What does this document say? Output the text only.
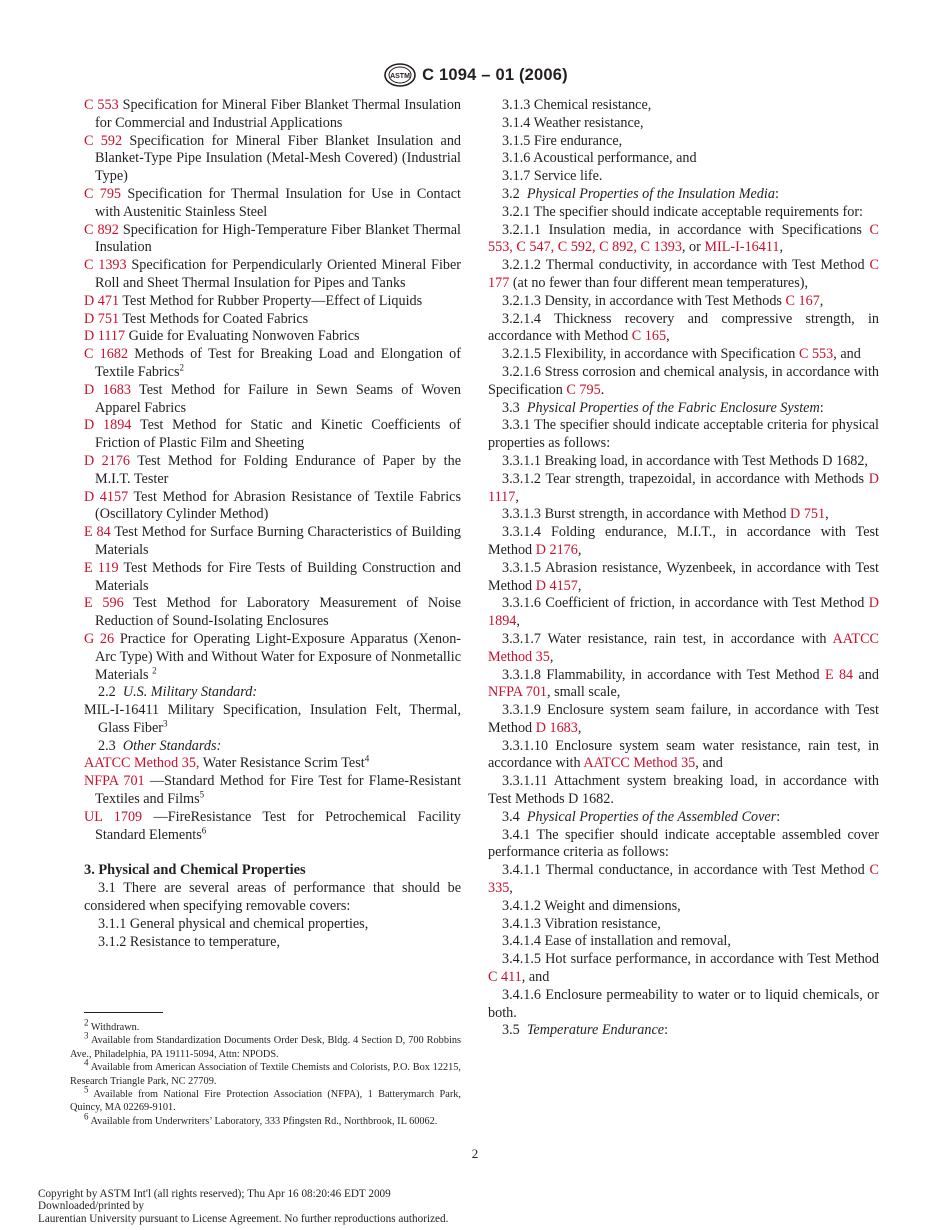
ASTM C 1094 – 01 (2006)
C 553 Specification for Mineral Fiber Blanket Thermal Insulation for Commercial and Industrial Applications
C 592 Specification for Mineral Fiber Blanket Insulation and Blanket-Type Pipe Insulation (Metal-Mesh Covered) (Industrial Type)
C 795 Specification for Thermal Insulation for Use in Contact with Austenitic Stainless Steel
C 892 Specification for High-Temperature Fiber Blanket Thermal Insulation
C 1393 Specification for Perpendicularly Oriented Mineral Fiber Roll and Sheet Thermal Insulation for Pipes and Tanks
D 471 Test Method for Rubber Property—Effect of Liquids
D 751 Test Methods for Coated Fabrics
D 1117 Guide for Evaluating Nonwoven Fabrics
C 1682 Methods of Test for Breaking Load and Elongation of Textile Fabrics$^2$
D 1683 Test Method for Failure in Sewn Seams of Woven Apparel Fabrics
D 1894 Test Method for Static and Kinetic Coefficients of Friction of Plastic Film and Sheeting
D 2176 Test Method for Folding Endurance of Paper by the M.I.T. Tester
D 4157 Test Method for Abrasion Resistance of Textile Fabrics (Oscillatory Cylinder Method)
E 84 Test Method for Surface Burning Characteristics of Building Materials
E 119 Test Methods for Fire Tests of Building Construction and Materials
E 596 Test Method for Laboratory Measurement of Noise Reduction of Sound-Isolating Enclosures
G 26 Practice for Operating Light-Exposure Apparatus (Xenon-Arc Type) With and Without Water for Exposure of Nonmetallic Materials $^2$
2.2 U.S. Military Standard:
MIL-I-16411 Military Specification, Insulation Felt, Thermal, Glass Fiber$^3$
2.3 Other Standards:
AATCC Method 35, Water Resistance Scrim Test$^4$
NFPA 701 —Standard Method for Fire Test for Flame-Resistant Textiles and Films$^5$
UL 1709 —FireResistance Test for Petrochemical Facility Standard Elements$^6$
3. Physical and Chemical Properties
3.1 There are several areas of performance that should be considered when specifying removable covers:
3.1.1 General physical and chemical properties,
3.1.2 Resistance to temperature,
$^2$ Withdrawn.
$^3$ Available from Standardization Documents Order Desk, Bldg. 4 Section D, 700 Robbins Ave., Philadelphia, PA 19111-5094, Attn: NPODS.
$^4$ Available from American Association of Textile Chemists and Colorists, P.O. Box 12215, Research Triangle Park, NC 27709.
$^5$ Available from National Fire Protection Association (NFPA), 1 Batterymarch Park, Quincy, MA 02269-9101.
$^6$ Available from Underwriters’ Laboratory, 333 Pfingsten Rd., Northbrook, IL 60062.
3.1.3 Chemical resistance,
3.1.4 Weather resistance,
3.1.5 Fire endurance,
3.1.6 Acoustical performance, and
3.1.7 Service life.
3.2 Physical Properties of the Insulation Media:
3.2.1 The specifier should indicate acceptable requirements for:
3.2.1.1 Insulation media, in accordance with Specifications C 553, C 547, C 592, C 892, C 1393, or MIL-I-16411,
3.2.1.2 Thermal conductivity, in accordance with Test Method C 177 (at no fewer than four different mean temperatures),
3.2.1.3 Density, in accordance with Test Methods C 167,
3.2.1.4 Thickness recovery and compressive strength, in accordance with Method C 165,
3.2.1.5 Flexibility, in accordance with Specification C 553, and
3.2.1.6 Stress corrosion and chemical analysis, in accordance with Specification C 795.
3.3 Physical Properties of the Fabric Enclosure System:
3.3.1 The specifier should indicate acceptable criteria for physical properties as follows:
3.3.1.1 Breaking load, in accordance with Test Methods D 1682,
3.3.1.2 Tear strength, trapezoidal, in accordance with Methods D 1117,
3.3.1.3 Burst strength, in accordance with Method D 751,
3.3.1.4 Folding endurance, M.I.T., in accordance with Test Method D 2176,
3.3.1.5 Abrasion resistance, Wyzenbeek, in accordance with Test Method D 4157,
3.3.1.6 Coefficient of friction, in accordance with Test Method D 1894,
3.3.1.7 Water resistance, rain test, in accordance with AATCC Method 35,
3.3.1.8 Flammability, in accordance with Test Method E 84 and NFPA 701, small scale,
3.3.1.9 Enclosure system seam failure, in accordance with Test Method D 1683,
3.3.1.10 Enclosure system seam water resistance, rain test, in accordance with AATCC Method 35, and
3.3.1.11 Attachment system breaking load, in accordance with Test Methods D 1682.
3.4 Physical Properties of the Assembled Cover:
3.4.1 The specifier should indicate acceptable assembled cover performance criteria as follows:
3.4.1.1 Thermal conductance, in accordance with Test Method C 335,
3.4.1.2 Weight and dimensions,
3.4.1.3 Vibration resistance,
3.4.1.4 Ease of installation and removal,
3.4.1.5 Hot surface performance, in accordance with Test Method C 411, and
3.4.1.6 Enclosure permeability to water or to liquid chemicals, or both.
3.5 Temperature Endurance:
2
Copyright by ASTM Int'l (all rights reserved); Thu Apr 16 08:20:46 EDT 2009
Downloaded/printed by
Laurentian University pursuant to License Agreement. No further reproductions authorized.
